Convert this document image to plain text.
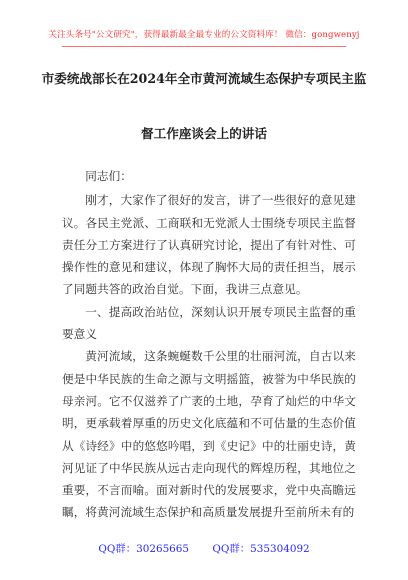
关注头条号"公文研究"，获得最新最全最专业的公文资料库！ 微信：gongwenyj
市委统战部长在2024年全市黄河流域生态保护专项民主监
督工作座谈会上的讲话

同志们：

刚才，大家作了很好的发言，讲了一些很好的意见建议。各民主党派、工商联和无党派人士围绕专项民主监督责任分工方案进行了认真研究讨论，提出了有针对性、可操作性的意见和建议，体现了胸怀大局的责任担当，展示了同题共答的政治自觉。下面，我讲三点意见。

一、提高政治站位，深刻认识开展专项民主监督的重要意义

黄河流域，这条蜿蜒数千公里的壮丽河流，自古以来便是中华民族的生命之源与文明摇篮，被誉为中华民族的母亲河。它不仅滋养了广袤的土地，孕育了灿烂的中华文明，更承载着厚重的历史文化底蕴和不可估量的生态价值从《诗经》中的悠悠吟唱，到《史记》中的壮丽史诗，黄河见证了中华民族从远古走向现代的辉煌历程，其地位之重要，不言而喻。面对新时代的发展要求，党中央高瞻远瞩，将黄河流域生态保护和高质量发展提升至前所未有的

QQ群：30265665 QQ群：535304092
